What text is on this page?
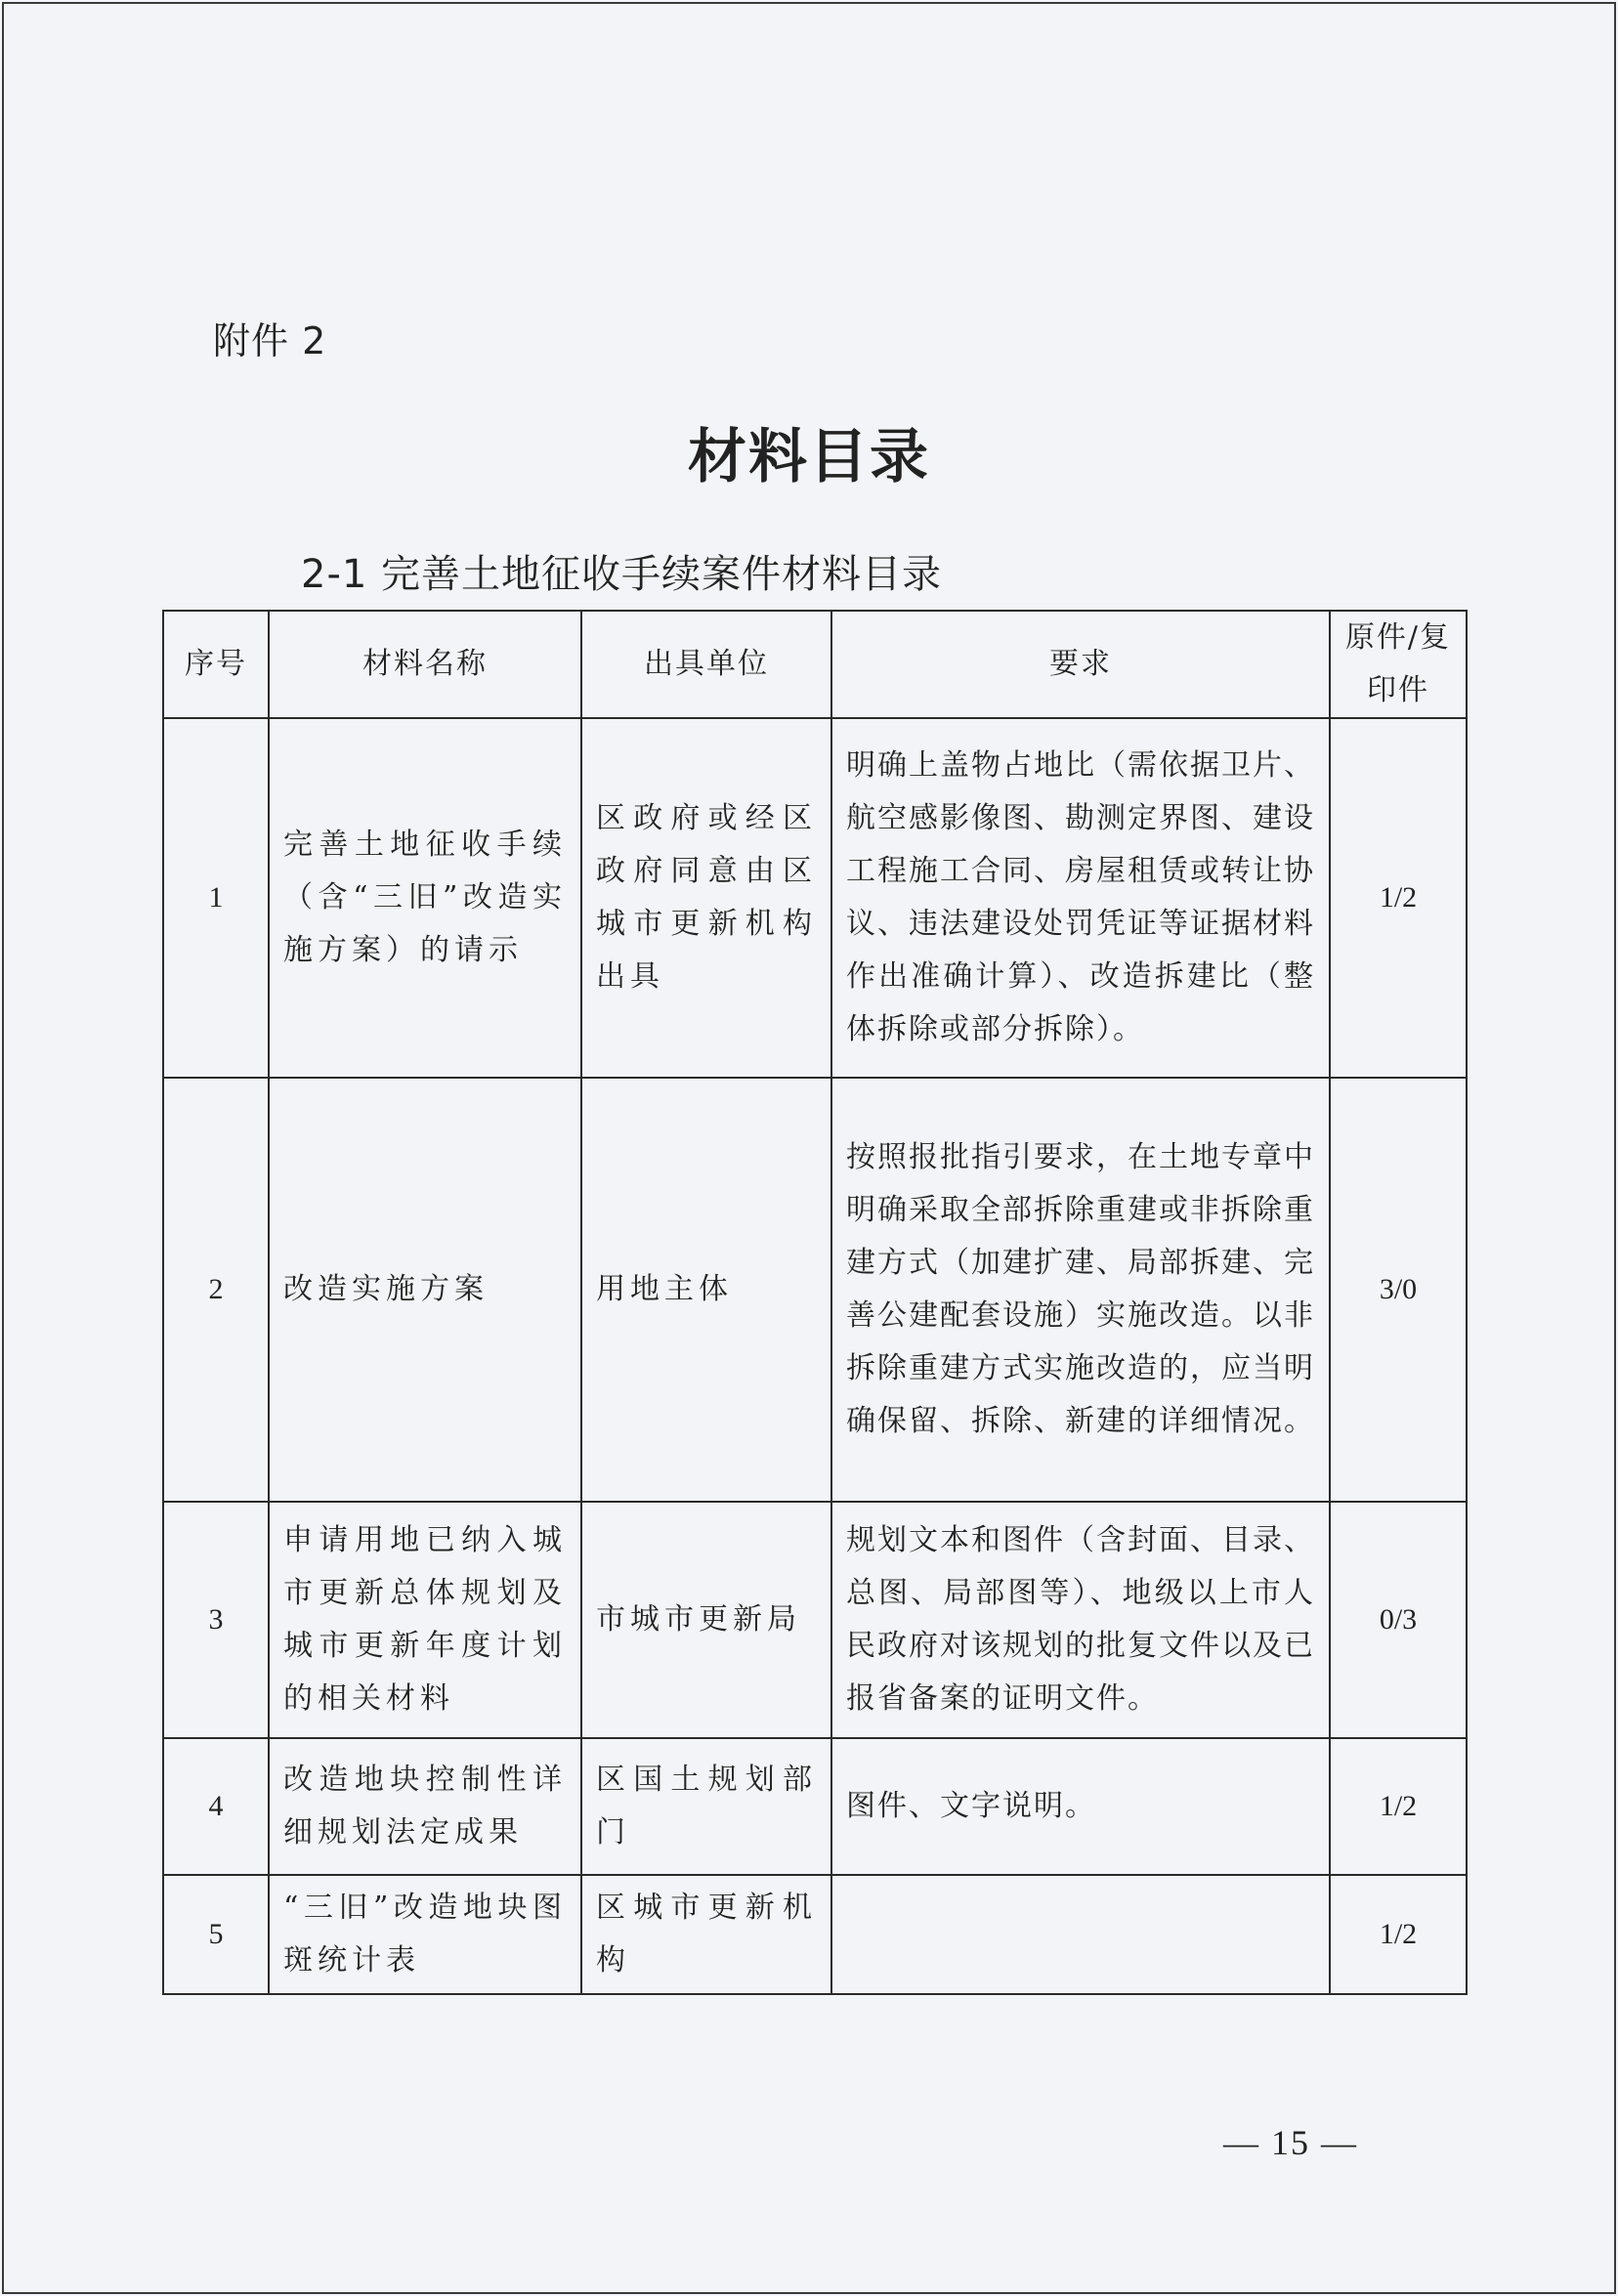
附件 2
材料目录
2-1 完善土地征收手续案件材料目录
序号	材料名称	出具单位	要求	原件/复印件
1	完善土地征收手续（含“三旧”改造实施方案）的请示	区政府或经区政府同意由区城市更新机构出具	明确上盖物占地比（需依据卫片、航空感影像图、勘测定界图、建设工程施工合同、房屋租赁或转让协议、违法建设处罚凭证等证据材料作出准确计算）、改造拆建比（整体拆除或部分拆除）。	1/2
2	改造实施方案	用地主体	按照报批指引要求，在土地专章中明确采取全部拆除重建或非拆除重建方式（加建扩建、局部拆建、完善公建配套设施）实施改造。以非拆除重建方式实施改造的，应当明确保留、拆除、新建的详细情况。	3/0
3	申请用地已纳入城市更新总体规划及城市更新年度计划的相关材料	市城市更新局	规划文本和图件（含封面、目录、总图、局部图等）、地级以上市人民政府对该规划的批复文件以及已报省备案的证明文件。	0/3
4	改造地块控制性详细规划法定成果	区国土规划部门	图件、文字说明。	1/2
5	“三旧”改造地块图斑统计表	区城市更新机构		1/2
— 15 —
